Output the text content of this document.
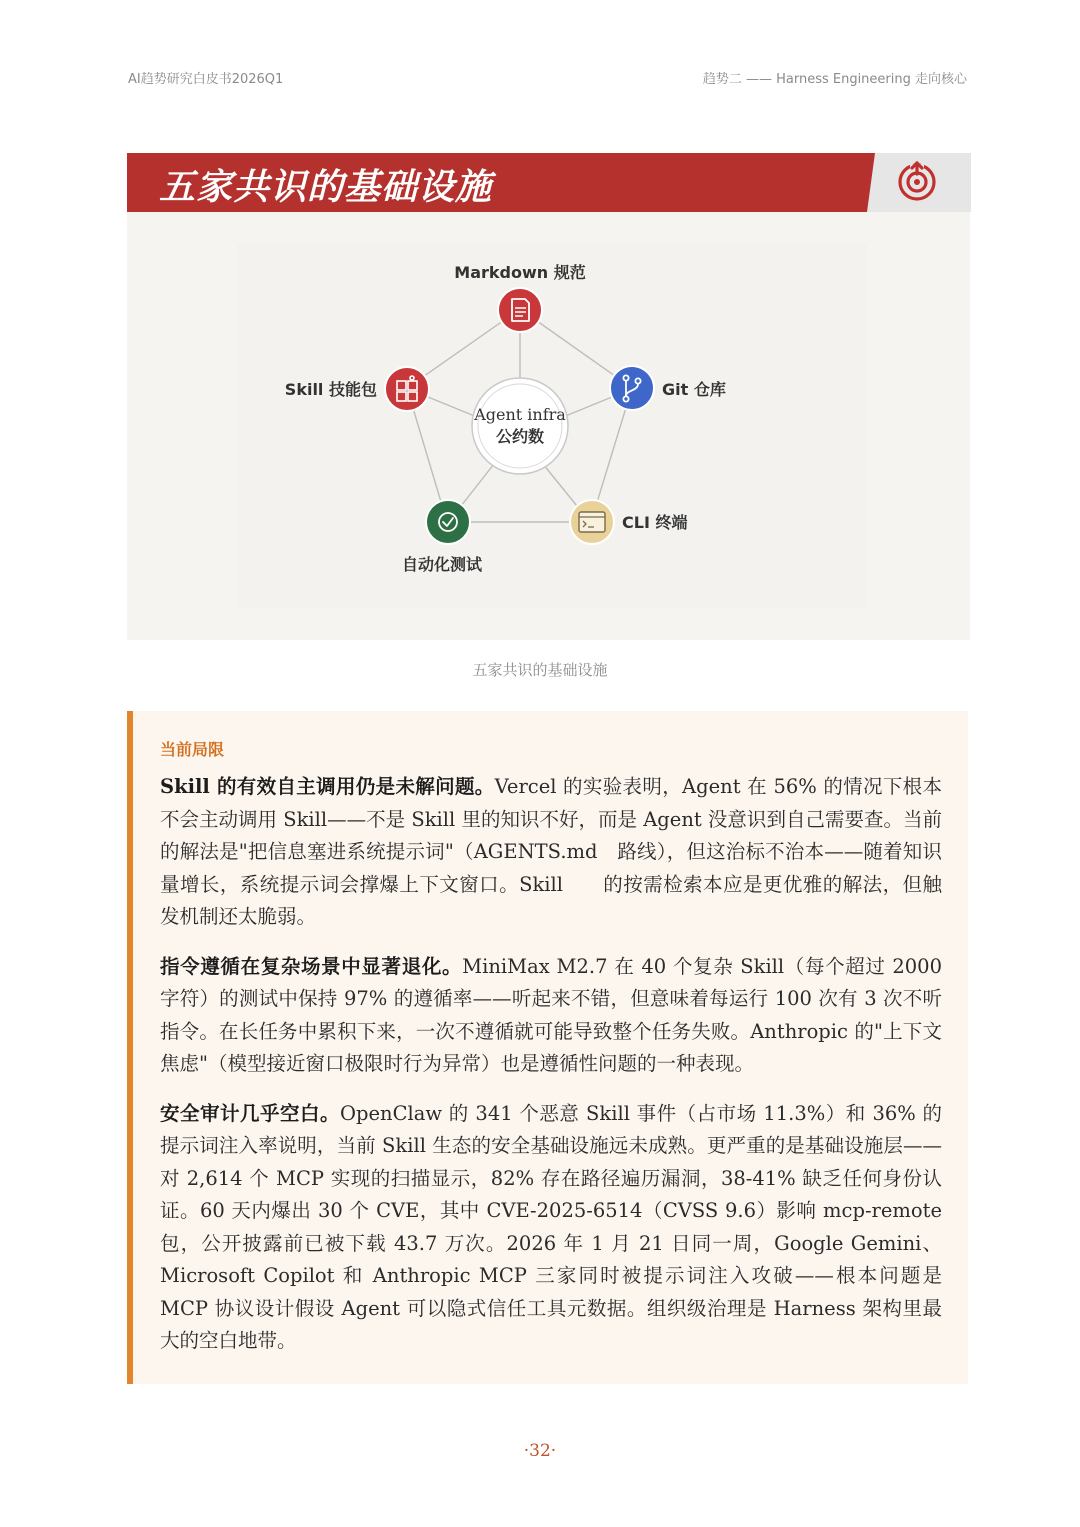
AI趋势研究白皮书2026Q1	趋势二 —— Harness Engineering 走向核心
五家共识的基础设施
Agent infra
公约数
Markdown 规范
Git 仓库
CLI 终端
自动化测试
Skill 技能包
五家共识的基础设施
当前局限

Skill 的有效自主调用仍是未解问题。Vercel 的实验表明，Agent 在 56% 的情况下根本不会主动调用 Skill——不是 Skill 里的知识不好，而是 Agent 没意识到自己需要查。当前的解法是"把信息塞进系统提示词"（AGENTS.md　路线），但这治标不治本——随着知识量增长，系统提示词会撑爆上下文窗口。Skill　　的按需检索本应是更优雅的解法，但触发机制还太脆弱。

指令遵循在复杂场景中显著退化。MiniMax M2.7 在 40 个复杂 Skill（每个超过 2000 字符）的测试中保持 97% 的遵循率——听起来不错，但意味着每运行 100 次有 3 次不听指令。在长任务中累积下来，一次不遵循就可能导致整个任务失败。Anthropic 的"上下文焦虑"（模型接近窗口极限时行为异常）也是遵循性问题的一种表现。

安全审计几乎空白。OpenClaw 的 341 个恶意 Skill 事件（占市场 11.3%）和 36% 的提示词注入率说明，当前 Skill 生态的安全基础设施远未成熟。更严重的是基础设施层——对 2,614 个 MCP 实现的扫描显示，82% 存在路径遍历漏洞，38-41% 缺乏任何身份认证。60 天内爆出 30 个 CVE，其中 CVE-2025-6514（CVSS 9.6）影响 mcp-remote 包，公开披露前已被下载 43.7 万次。2026 年 1 月 21 日同一周，Google Gemini、Microsoft Copilot 和 Anthropic MCP 三家同时被提示词注入攻破——根本问题是 MCP 协议设计假设 Agent 可以隐式信任工具元数据。组织级治理是 Harness 架构里最大的空白地带。

·32·
